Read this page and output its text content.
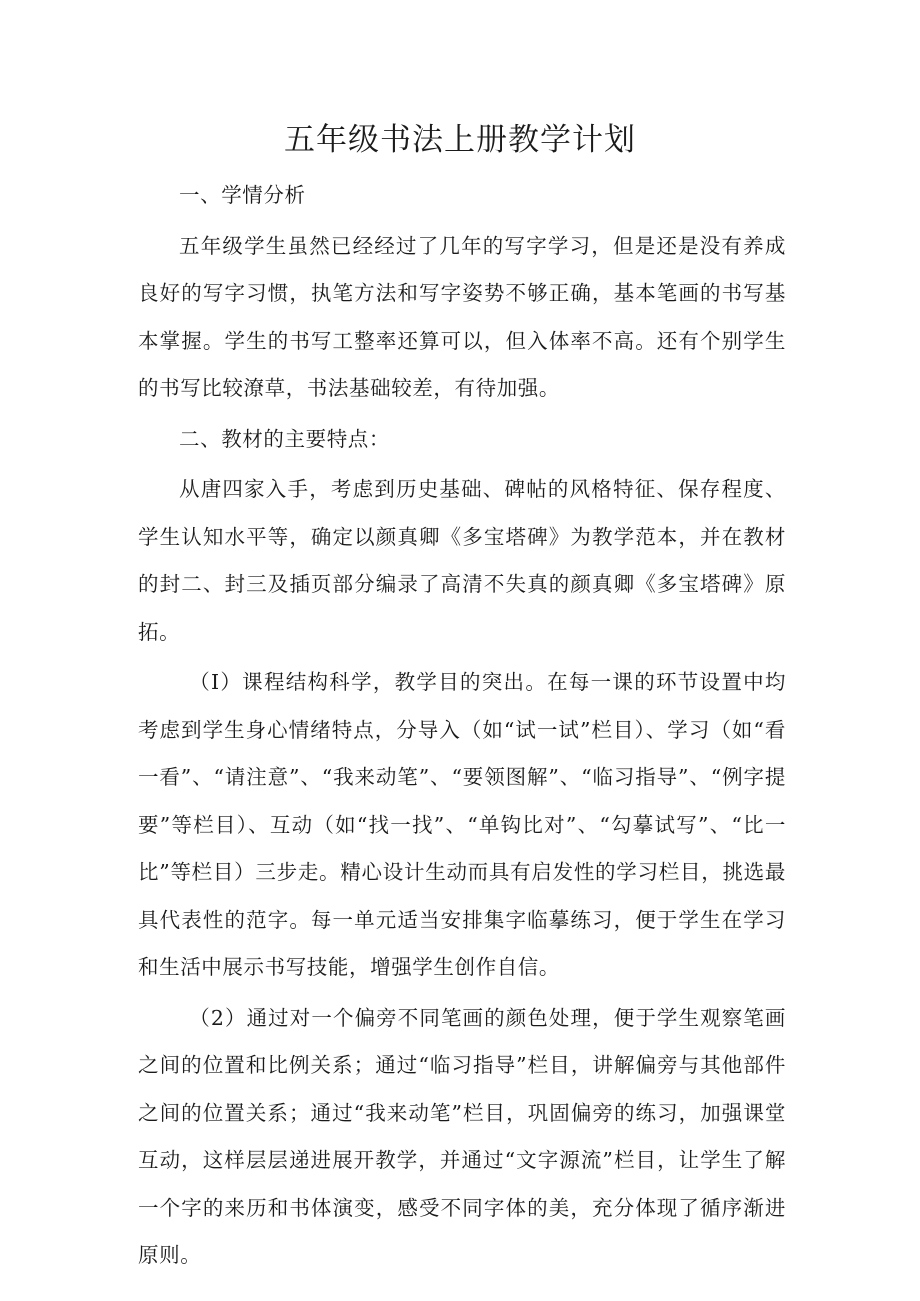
五年级书法上册教学计划

一、学情分析

五年级学生虽然已经经过了几年的写字学习，但是还是没有养成良好的写字习惯，执笔方法和写字姿势不够正确，基本笔画的书写基本掌握。学生的书写工整率还算可以，但入体率不高。还有个别学生的书写比较潦草，书法基础较差，有待加强。

二、教材的主要特点：

从唐四家入手，考虑到历史基础、碑帖的风格特征、保存程度、学生认知水平等，确定以颜真卿《多宝塔碑》为教学范本，并在教材的封二、封三及插页部分编录了高清不失真的颜真卿《多宝塔碑》原拓。

（I）课程结构科学，教学目的突出。在每一课的环节设置中均考虑到学生身心情绪特点，分导入（如“试一试”栏目）、学习（如“看一看”、“请注意”、“我来动笔”、“要领图解”、“临习指导”、“例字提要”等栏目）、互动（如“找一找”、“单钩比对”、“勾摹试写”、“比一比”等栏目）三步走。精心设计生动而具有启发性的学习栏目，挑选最具代表性的范字。每一单元适当安排集字临摹练习，便于学生在学习和生活中展示书写技能，增强学生创作自信。

（2）通过对一个偏旁不同笔画的颜色处理，便于学生观察笔画之间的位置和比例关系；通过“临习指导”栏目，讲解偏旁与其他部件之间的位置关系；通过“我来动笔”栏目，巩固偏旁的练习，加强课堂互动，这样层层递进展开教学，并通过“文字源流”栏目，让学生了解一个字的来历和书体演变，感受不同字体的美，充分体现了循序渐进原则。
